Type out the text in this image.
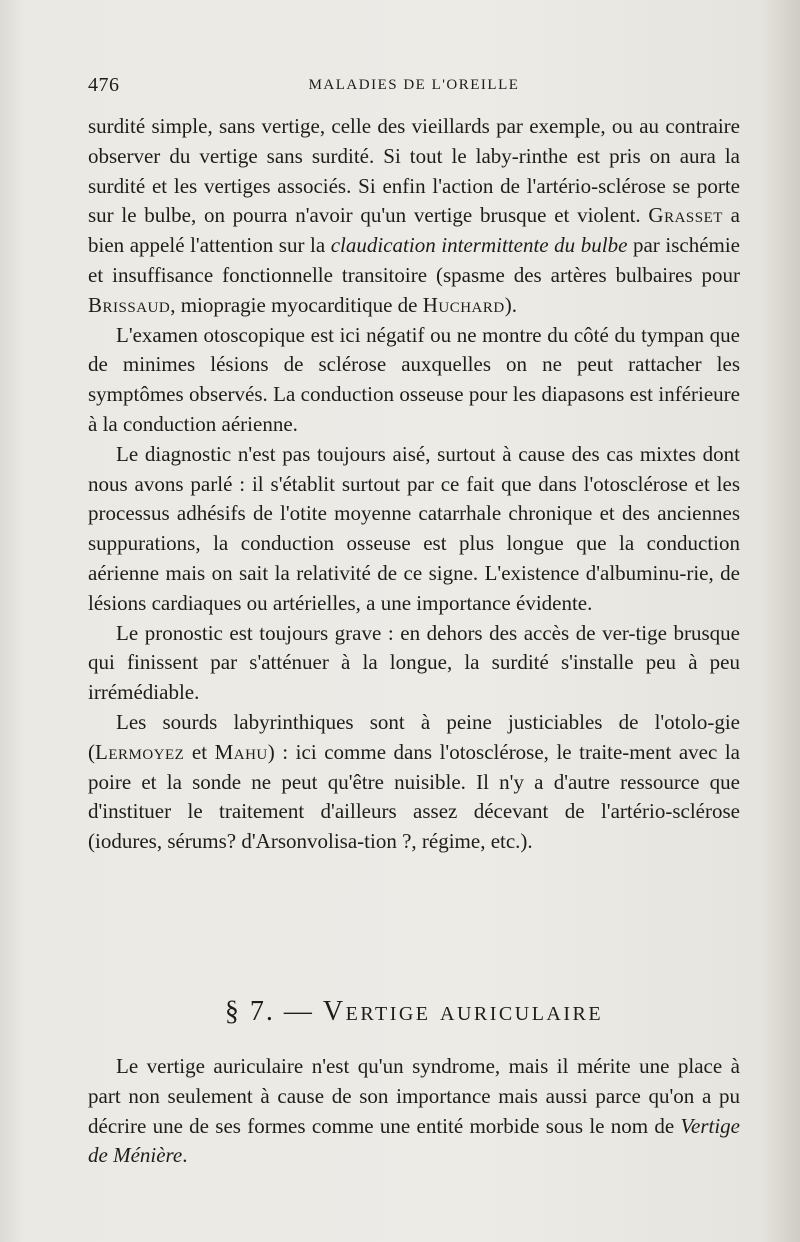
476	MALADIES DE L'OREILLE

surdité simple, sans vertige, celle des vieillards par exemple, ou au contraire observer du vertige sans surdité. Si tout le laby-rinthe est pris on aura la surdité et les vertiges associés. Si enfin l'action de l'artério-sclérose se porte sur le bulbe, on pourra n'avoir qu'un vertige brusque et violent. Grasset a bien appelé l'attention sur la claudication intermittente du bulbe par ischémie et insuffisance fonctionnelle transitoire (spasme des artères bulbaires pour Brissaud, miopragie myocarditique de Huchard).

L'examen otoscopique est ici négatif ou ne montre du côté du tympan que de minimes lésions de sclérose auxquelles on ne peut rattacher les symptômes observés. La conduction osseuse pour les diapasons est inférieure à la conduction aérienne.

Le diagnostic n'est pas toujours aisé, surtout à cause des cas mixtes dont nous avons parlé : il s'établit surtout par ce fait que dans l'otosclérose et les processus adhésifs de l'otite moyenne catarrhale chronique et des anciennes suppurations, la conduction osseuse est plus longue que la conduction aérienne mais on sait la relativité de ce signe. L'existence d'albuminu-rie, de lésions cardiaques ou artérielles, a une importance évidente.

Le pronostic est toujours grave : en dehors des accès de ver-tige brusque qui finissent par s'atténuer à la longue, la surdité s'installe peu à peu irrémédiable.

Les sourds labyrinthiques sont à peine justiciables de l'otolo-gie (Lermoyez et Mahu) : ici comme dans l'otosclérose, le traite-ment avec la poire et la sonde ne peut qu'être nuisible. Il n'y a d'autre ressource que d'instituer le traitement d'ailleurs assez décevant de l'artério-sclérose (iodures, sérums? d'Arsonvolisa-tion ?, régime, etc.).

§ 7. — Vertige auriculaire

Le vertige auriculaire n'est qu'un syndrome, mais il mérite une place à part non seulement à cause de son importance mais aussi parce qu'on a pu décrire une de ses formes comme une entité morbide sous le nom de Vertige de Ménière.
